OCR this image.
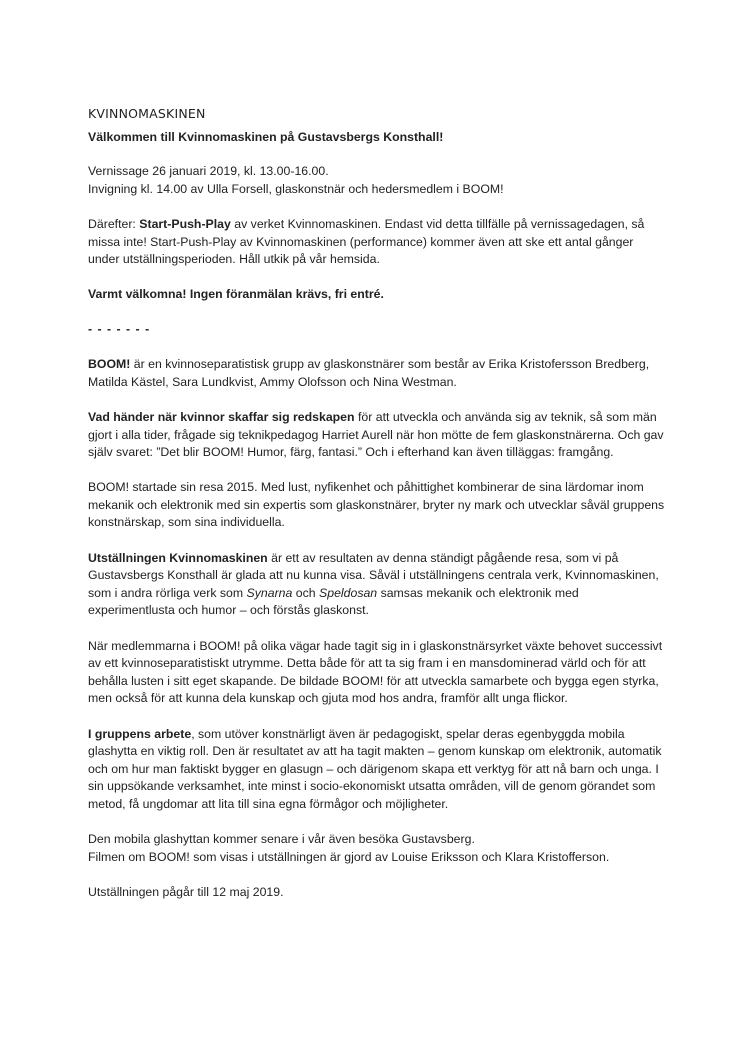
KVINNOMASKINEN
Välkommen till Kvinnomaskinen på Gustavsbergs Konsthall!

Vernissage 26 januari 2019, kl. 13.00-16.00.
Invigning kl. 14.00 av Ulla Forsell, glaskonstnär och hedersmedlem i BOOM!

Därefter: Start-Push-Play av verket Kvinnomaskinen. Endast vid detta tillfälle på vernissagedagen, så missa inte! Start-Push-Play av Kvinnomaskinen (performance) kommer även att ske ett antal gånger under utställningsperioden. Håll utkik på vår hemsida.

Varmt välkomna! Ingen föranmälan krävs, fri entré.

- - - - - - -

BOOM! är en kvinnoseparatistisk grupp av glaskonstnärer som består av Erika Kristofersson Bredberg, Matilda Kästel, Sara Lundkvist, Ammy Olofsson och Nina Westman.

Vad händer när kvinnor skaffar sig redskapen för att utveckla och använda sig av teknik, så som män gjort i alla tider, frågade sig teknikpedagog Harriet Aurell när hon mötte de fem glaskonstnärerna. Och gav själv svaret: ”Det blir BOOM! Humor, färg, fantasi.” Och i efterhand kan även tilläggas: framgång.

BOOM! startade sin resa 2015. Med lust, nyfikenhet och påhittighet kombinerar de sina lärdomar inom mekanik och elektronik med sin expertis som glaskonstnärer, bryter ny mark och utvecklar såväl gruppens konstnärskap, som sina individuella.

Utställningen Kvinnomaskinen är ett av resultaten av denna ständigt pågående resa, som vi på Gustavsbergs Konsthall är glada att nu kunna visa. Såväl i utställningens centrala verk, Kvinnomaskinen, som i andra rörliga verk som Synarna och Speldosan samsas mekanik och elektronik med experimentlusta och humor – och förstås glaskonst.

När medlemmarna i BOOM! på olika vägar hade tagit sig in i glaskonstnärsyrket växte behovet successivt av ett kvinnoseparatistiskt utrymme. Detta både för att ta sig fram i en mansdominerad värld och för att behålla lusten i sitt eget skapande. De bildade BOOM! för att utveckla samarbete och bygga egen styrka, men också för att kunna dela kunskap och gjuta mod hos andra, framför allt unga flickor.

I gruppens arbete, som utöver konstnärligt även är pedagogiskt, spelar deras egenbyggda mobila glashytta en viktig roll. Den är resultatet av att ha tagit makten – genom kunskap om elektronik, automatik och om hur man faktiskt bygger en glasugn – och därigenom skapa ett verktyg för att nå barn och unga. I sin uppsökande verksamhet, inte minst i socio-ekonomiskt utsatta områden, vill de genom görandet som metod, få ungdomar att lita till sina egna förmågor och möjligheter.

Den mobila glashyttan kommer senare i vår även besöka Gustavsberg.
Filmen om BOOM! som visas i utställningen är gjord av Louise Eriksson och Klara Kristofferson.

Utställningen pågår till 12 maj 2019.
